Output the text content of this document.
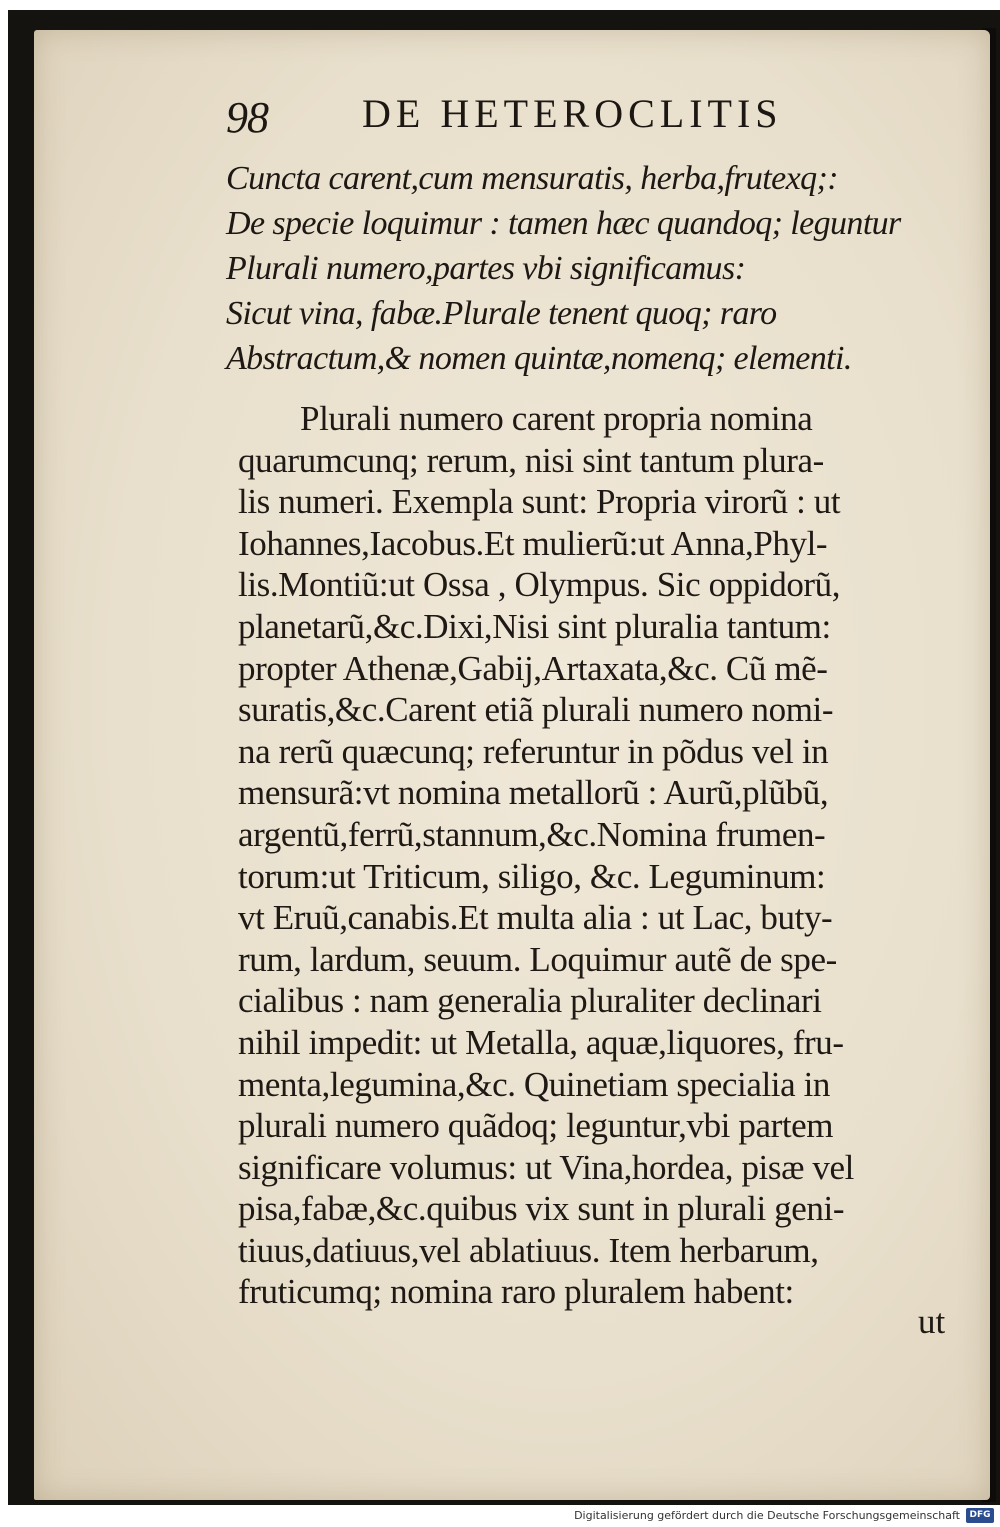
98 DE HETEROCLITIS
Cuncta carent,cum mensuratis, herba,frutexq;:
De specie loquimur : tamen hæc quandoq; leguntur
Plurali numero,partes vbi significamus:
Sicut vina, fabæ.Plurale tenent quoq; raro
Abstractum,& nomen quintæ,nomenq; elementi.
Plurali numero carent propria nomina
quarumcunq; rerum, nisi sint tantum plura-
lis numeri. Exempla sunt: Propria virorũ : ut
Iohannes,Iacobus.Et mulierũ:ut Anna,Phyl-
lis.Montiũ:ut Ossa , Olympus. Sic oppidorũ,
planetarũ,&c.Dixi,Nisi sint pluralia tantum:
propter Athenæ,Gabij,Artaxata,&c. Cũ mẽ-
suratis,&c.Carent etiã plurali numero nomi-
na rerũ quæcunq; referuntur in põdus vel in
mensurã:vt nomina metallorũ : Aurũ,plũbũ,
argentũ,ferrũ,stannum,&c.Nomina frumen-
torum:ut Triticum, siligo, &c. Leguminum:
vt Eruũ,canabis.Et multa alia : ut Lac, buty-
rum, lardum, seuum. Loquimur autẽ de spe-
cialibus : nam generalia pluraliter declinari
nihil impedit: ut Metalla, aquæ,liquores, fru-
menta,legumina,&c. Quinetiam specialia in
plurali numero quãdoq; leguntur,vbi partem
significare volumus: ut Vina,hordea, pisæ vel
pisa,fabæ,&c.quibus vix sunt in plurali geni-
tiuus,datiuus,vel ablatiuus. Item herbarum,
fruticumq; nomina raro pluralem habent:
ut
Digitalisierung gefördert durch die Deutsche Forschungsgemeinschaft	DFG
